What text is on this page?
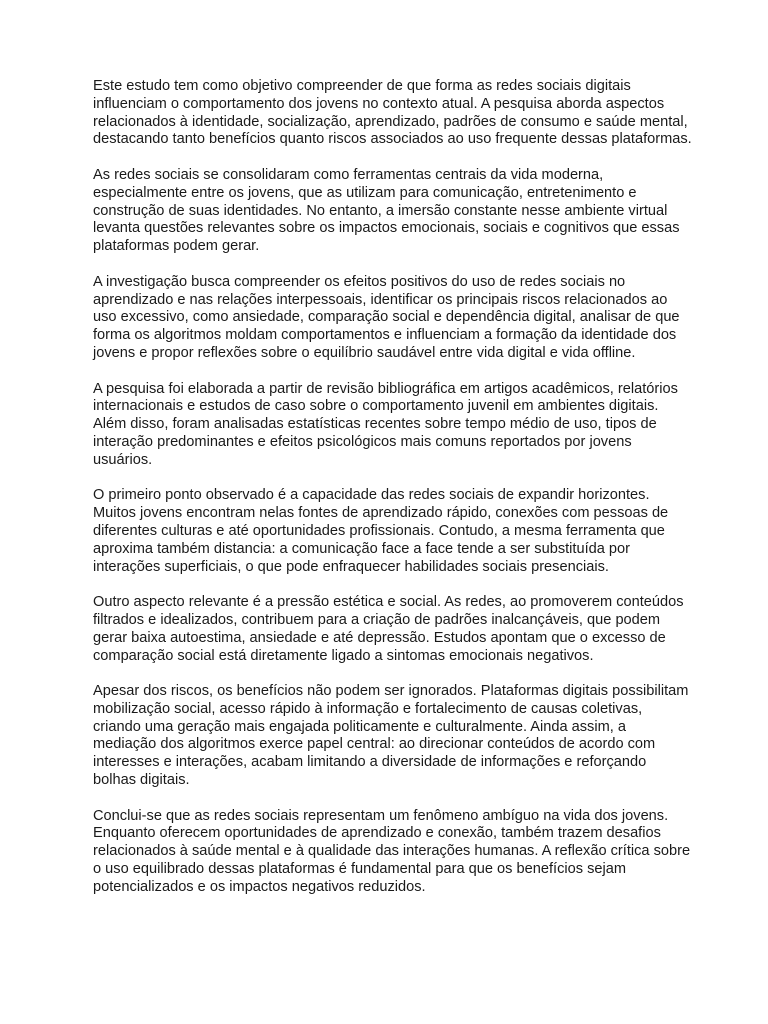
Este estudo tem como objetivo compreender de que forma as redes sociais digitais
influenciam o comportamento dos jovens no contexto atual. A pesquisa aborda aspectos
relacionados à identidade, socialização, aprendizado, padrões de consumo e saúde mental,
destacando tanto benefícios quanto riscos associados ao uso frequente dessas plataformas.

As redes sociais se consolidaram como ferramentas centrais da vida moderna,
especialmente entre os jovens, que as utilizam para comunicação, entretenimento e
construção de suas identidades. No entanto, a imersão constante nesse ambiente virtual
levanta questões relevantes sobre os impactos emocionais, sociais e cognitivos que essas
plataformas podem gerar.

A investigação busca compreender os efeitos positivos do uso de redes sociais no
aprendizado e nas relações interpessoais, identificar os principais riscos relacionados ao
uso excessivo, como ansiedade, comparação social e dependência digital, analisar de que
forma os algoritmos moldam comportamentos e influenciam a formação da identidade dos
jovens e propor reflexões sobre o equilíbrio saudável entre vida digital e vida offline.

A pesquisa foi elaborada a partir de revisão bibliográfica em artigos acadêmicos, relatórios
internacionais e estudos de caso sobre o comportamento juvenil em ambientes digitais.
Além disso, foram analisadas estatísticas recentes sobre tempo médio de uso, tipos de
interação predominantes e efeitos psicológicos mais comuns reportados por jovens
usuários.

O primeiro ponto observado é a capacidade das redes sociais de expandir horizontes.
Muitos jovens encontram nelas fontes de aprendizado rápido, conexões com pessoas de
diferentes culturas e até oportunidades profissionais. Contudo, a mesma ferramenta que
aproxima também distancia: a comunicação face a face tende a ser substituída por
interações superficiais, o que pode enfraquecer habilidades sociais presenciais.

Outro aspecto relevante é a pressão estética e social. As redes, ao promoverem conteúdos
filtrados e idealizados, contribuem para a criação de padrões inalcançáveis, que podem
gerar baixa autoestima, ansiedade e até depressão. Estudos apontam que o excesso de
comparação social está diretamente ligado a sintomas emocionais negativos.

Apesar dos riscos, os benefícios não podem ser ignorados. Plataformas digitais possibilitam
mobilização social, acesso rápido à informação e fortalecimento de causas coletivas,
criando uma geração mais engajada politicamente e culturalmente. Ainda assim, a
mediação dos algoritmos exerce papel central: ao direcionar conteúdos de acordo com
interesses e interações, acabam limitando a diversidade de informações e reforçando
bolhas digitais.

Conclui-se que as redes sociais representam um fenômeno ambíguo na vida dos jovens.
Enquanto oferecem oportunidades de aprendizado e conexão, também trazem desafios
relacionados à saúde mental e à qualidade das interações humanas. A reflexão crítica sobre
o uso equilibrado dessas plataformas é fundamental para que os benefícios sejam
potencializados e os impactos negativos reduzidos.
